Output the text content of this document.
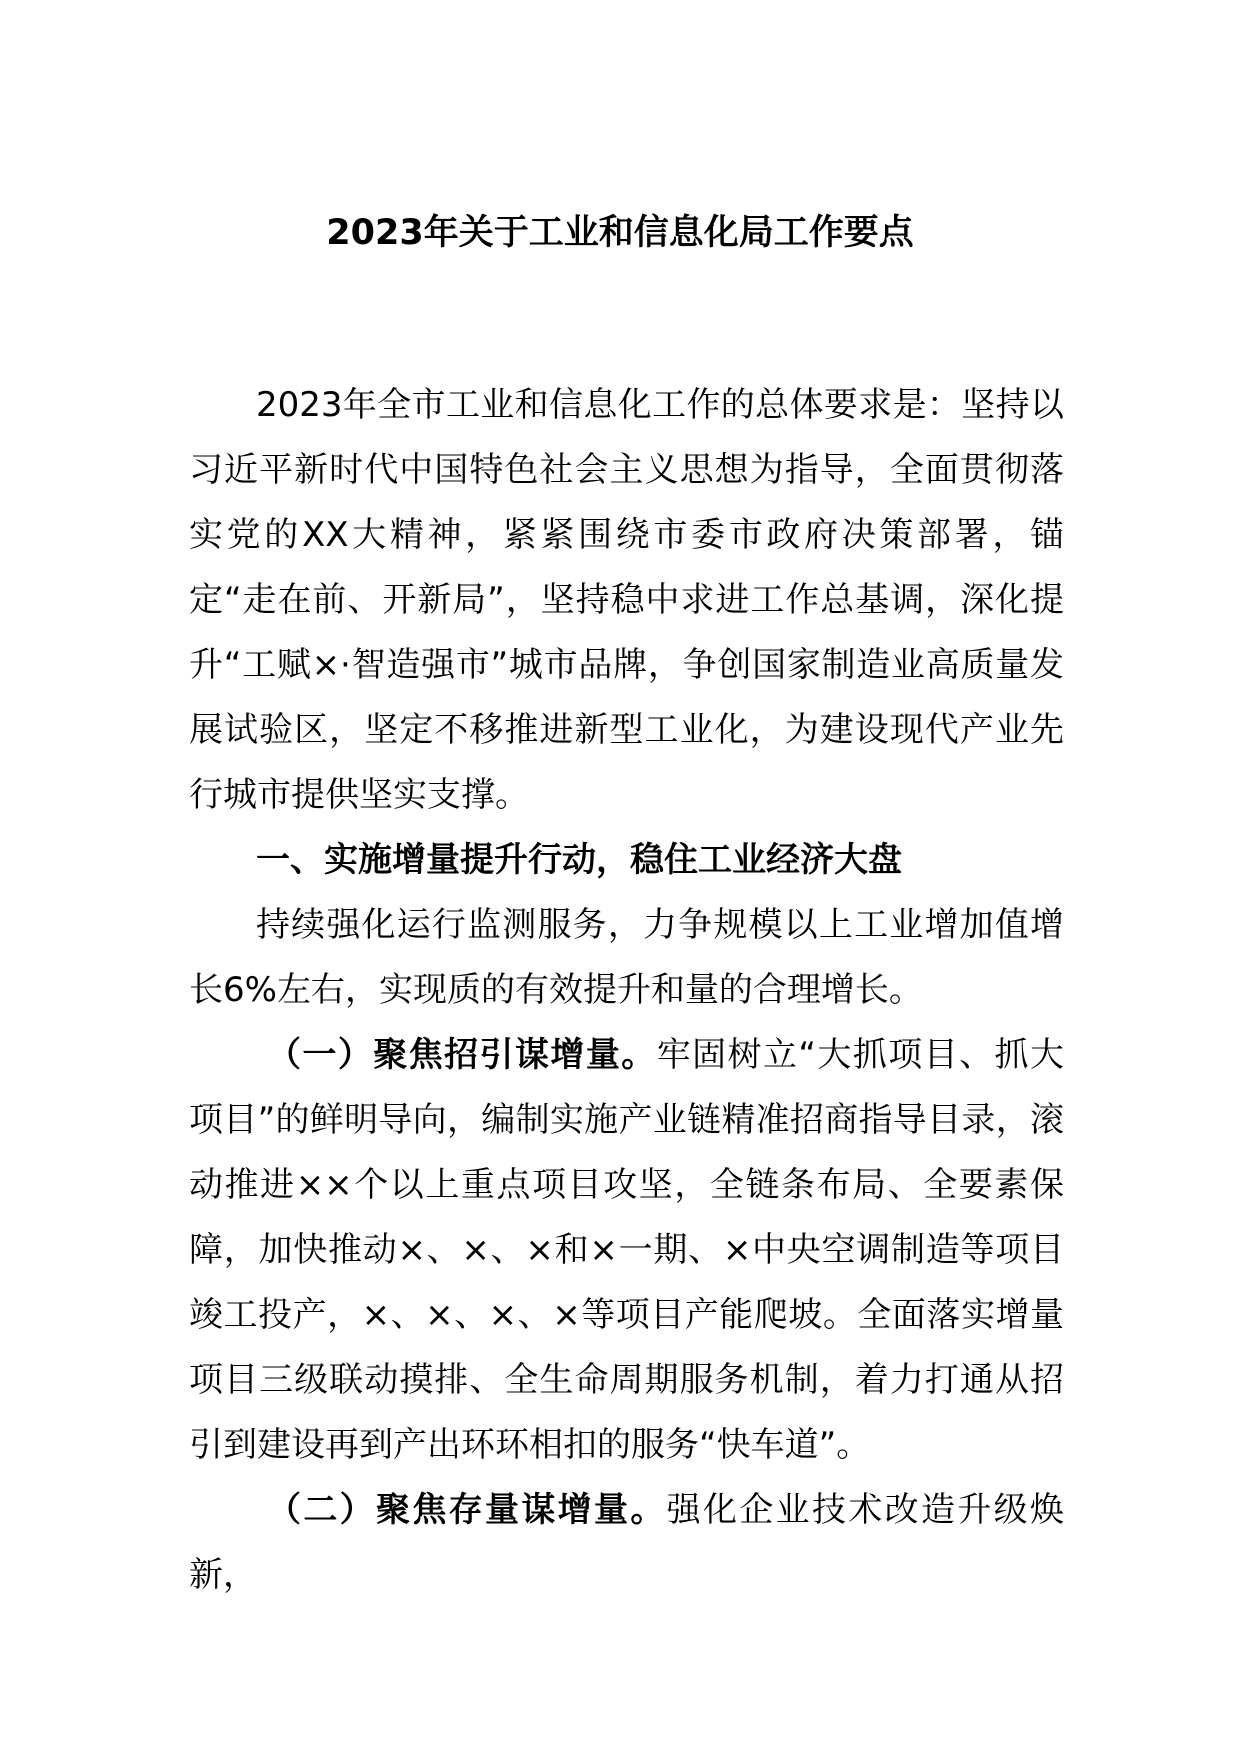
2023年关于工业和信息化局工作要点

2023年全市工业和信息化工作的总体要求是：坚持以习近平新时代中国特色社会主义思想为指导，全面贯彻落实党的XX大精神，紧紧围绕市委市政府决策部署，锚定“走在前、开新局”，坚持稳中求进工作总基调，深化提升“工赋×·智造强市”城市品牌，争创国家制造业高质量发展试验区，坚定不移推进新型工业化，为建设现代产业先行城市提供坚实支撑。

一、实施增量提升行动，稳住工业经济大盘

持续强化运行监测服务，力争规模以上工业增加值增长6%左右，实现质的有效提升和量的合理增长。

（一）聚焦招引谋增量。牢固树立“大抓项目、抓大项目”的鲜明导向，编制实施产业链精准招商指导目录，滚动推进××个以上重点项目攻坚，全链条布局、全要素保障，加快推动×、×、×和×一期、×中央空调制造等项目竣工投产，×、×、×、×等项目产能爬坡。全面落实增量项目三级联动摸排、全生命周期服务机制，着力打通从招引到建设再到产出环环相扣的服务“快车道”。

（二）聚焦存量谋增量。强化企业技术改造升级焕新，
